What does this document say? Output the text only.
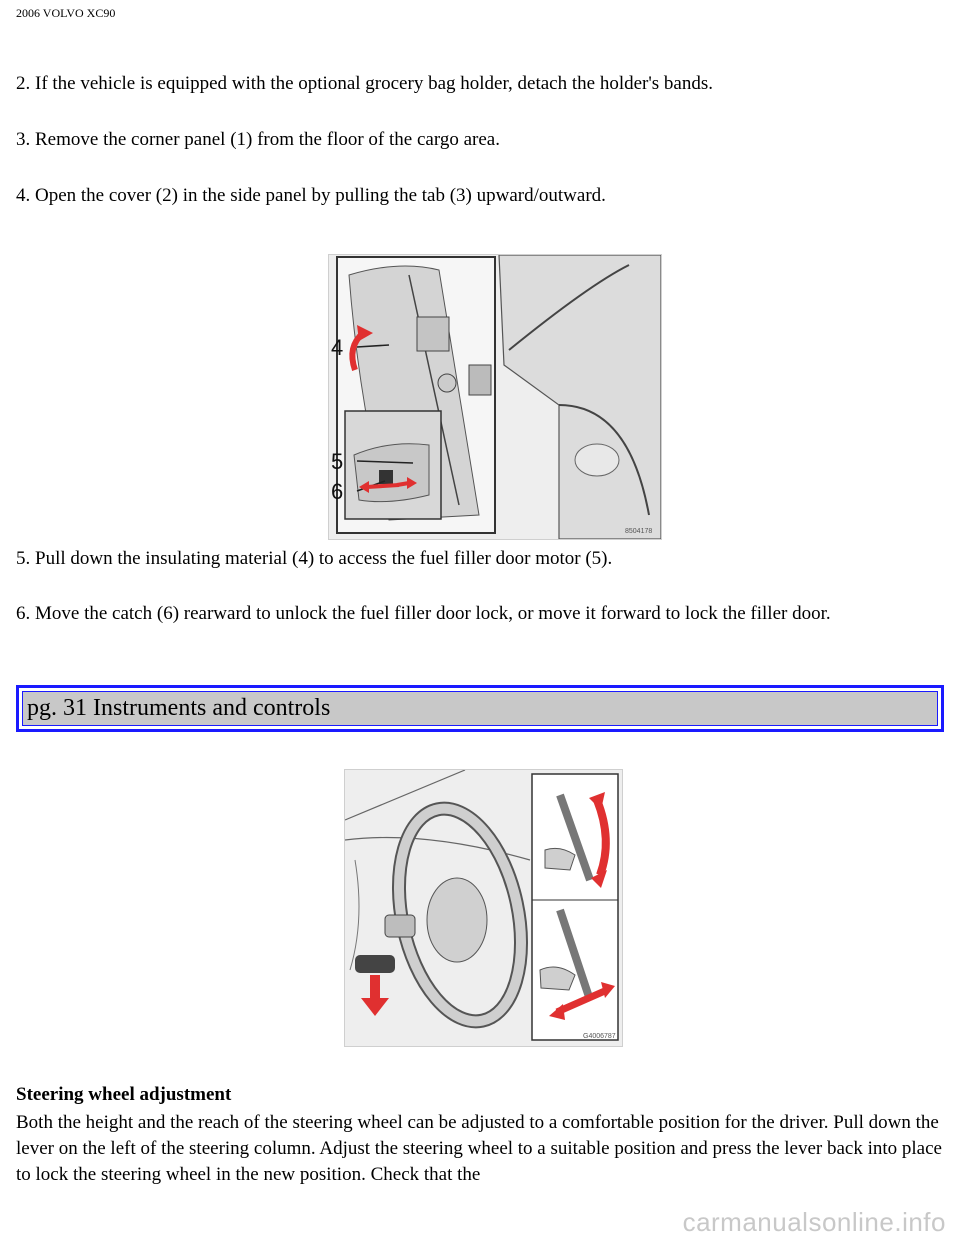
2006 VOLVO XC90
2. If the vehicle is equipped with the optional grocery bag holder, detach the holder's bands.
3. Remove the corner panel (1) from the floor of the cargo area.
4. Open the cover (2) in the side panel by pulling the tab (3) upward/outward.
4
5
6
8504178
5. Pull down the insulating material (4) to access the fuel filler door motor (5).
6. Move the catch (6) rearward to unlock the fuel filler door lock, or move it forward to lock the filler door.
pg. 31 Instruments and controls
G4006787
Steering wheel adjustment
Both the height and the reach of the steering wheel can be adjusted to a comfortable position for the driver. Pull down the lever on the left of the steering column. Adjust the steering wheel to a suitable position and press the lever back into place to lock the steering wheel in the new position. Check that the
carmanualsonline.info
